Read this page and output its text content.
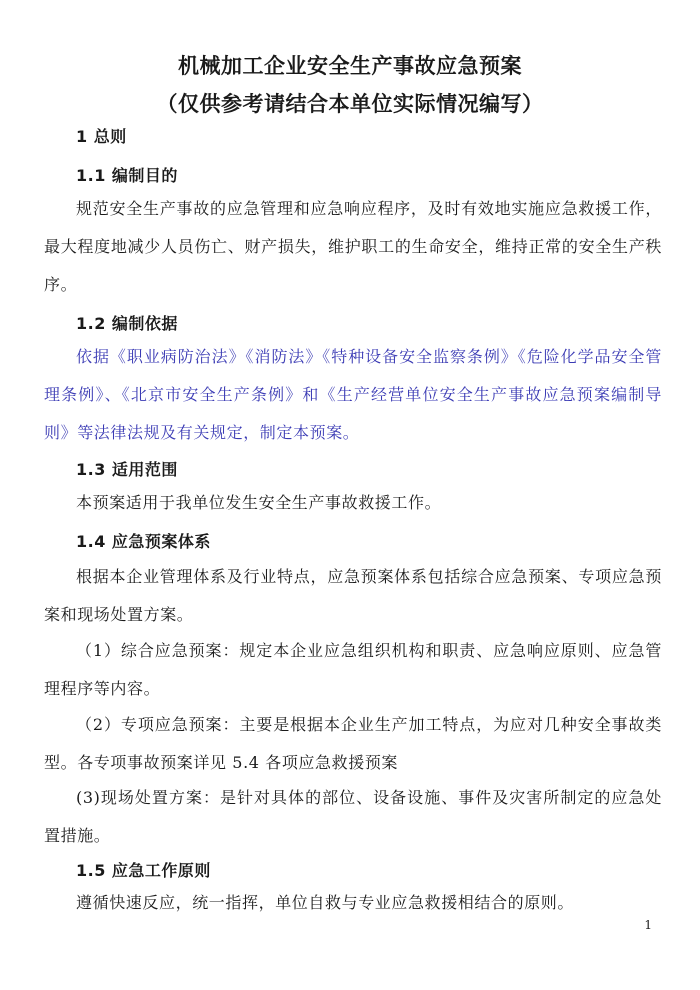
机械加工企业安全生产事故应急预案
（仅供参考请结合本单位实际情况编写）
1 总则
1.1 编制目的
规范安全生产事故的应急管理和应急响应程序，及时有效地实施应急救援工作，最大程度地减少人员伤亡、财产损失，维护职工的生命安全，维持正常的安全生产秩序。
1.2 编制依据
依据《职业病防治法》《消防法》《特种设备安全监察条例》《危险化学品安全管理条例》、《北京市安全生产条例》和《生产经营单位安全生产事故应急预案编制导则》等法律法规及有关规定，制定本预案。
1.3 适用范围
本预案适用于我单位发生安全生产事故救援工作。
1.4 应急预案体系
根据本企业管理体系及行业特点，应急预案体系包括综合应急预案、专项应急预案和现场处置方案。
（1）综合应急预案：规定本企业应急组织机构和职责、应急响应原则、应急管理程序等内容。
（2）专项应急预案：主要是根据本企业生产加工特点，为应对几种安全事故类型。各专项事故预案详见 5.4 各项应急救援预案
(3)现场处置方案：是针对具体的部位、设备设施、事件及灾害所制定的应急处置措施。
1.5 应急工作原则
遵循快速反应，统一指挥，单位自救与专业应急救援相结合的原则。
1
